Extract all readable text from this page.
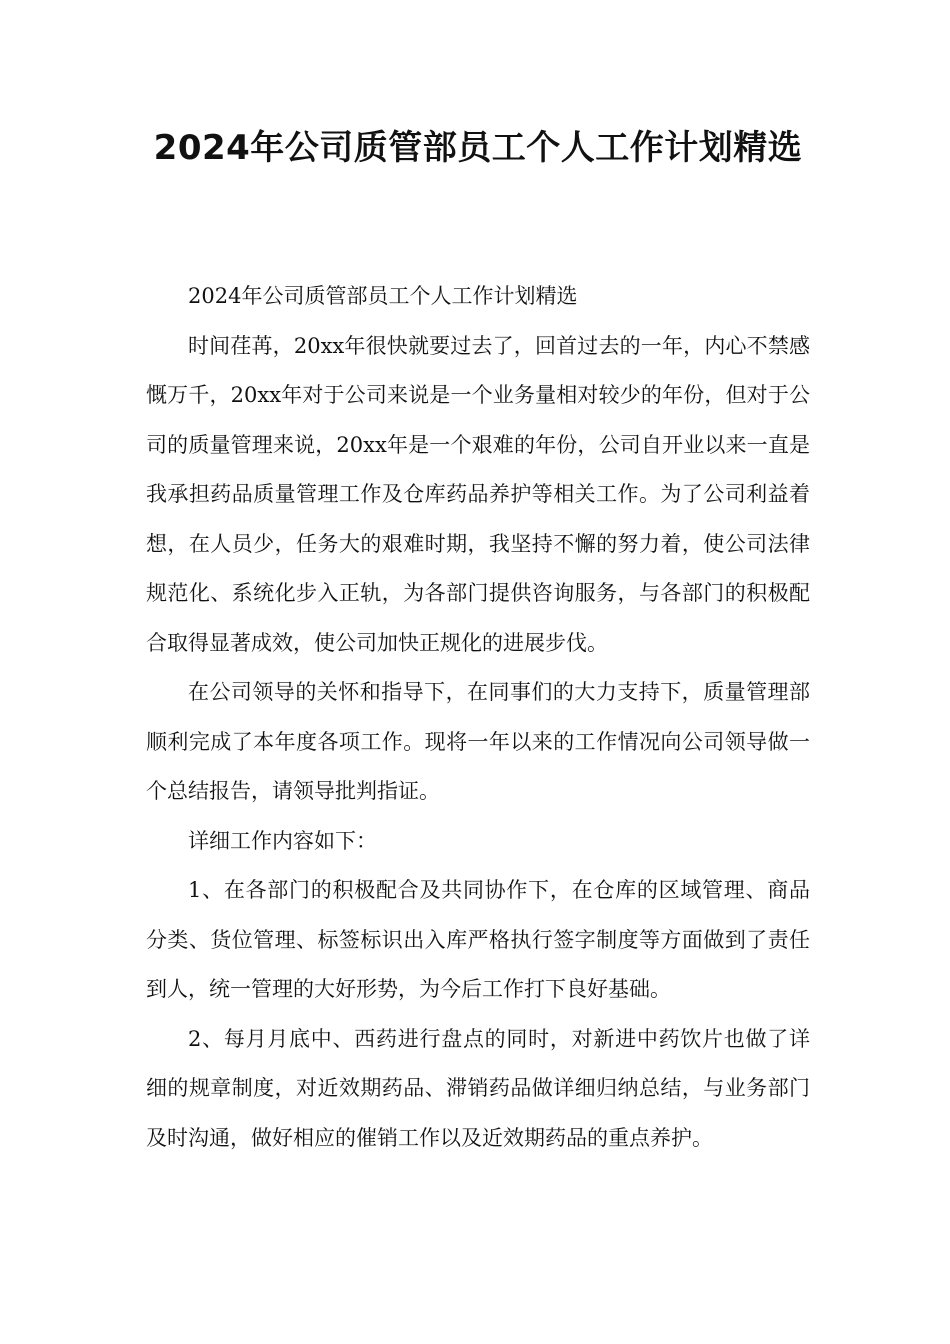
2024年公司质管部员工个人工作计划精选

2024年公司质管部员工个人工作计划精选

时间荏苒，20xx年很快就要过去了，回首过去的一年，内心不禁感慨万千，20xx年对于公司来说是一个业务量相对较少的年份，但对于公司的质量管理来说，20xx年是一个艰难的年份，公司自开业以来一直是我承担药品质量管理工作及仓库药品养护等相关工作。为了公司利益着想，在人员少，任务大的艰难时期，我坚持不懈的努力着，使公司法律规范化、系统化步入正轨，为各部门提供咨询服务，与各部门的积极配合取得显著成效，使公司加快正规化的进展步伐。

在公司领导的关怀和指导下，在同事们的大力支持下，质量管理部顺利完成了本年度各项工作。现将一年以来的工作情况向公司领导做一个总结报告，请领导批判指证。

详细工作内容如下：

1、在各部门的积极配合及共同协作下，在仓库的区域管理、商品分类、货位管理、标签标识出入库严格执行签字制度等方面做到了责任到人，统一管理的大好形势，为今后工作打下良好基础。

2、每月月底中、西药进行盘点的同时，对新进中药饮片也做了详细的规章制度，对近效期药品、滞销药品做详细归纳总结，与业务部门及时沟通，做好相应的催销工作以及近效期药品的重点养护。
